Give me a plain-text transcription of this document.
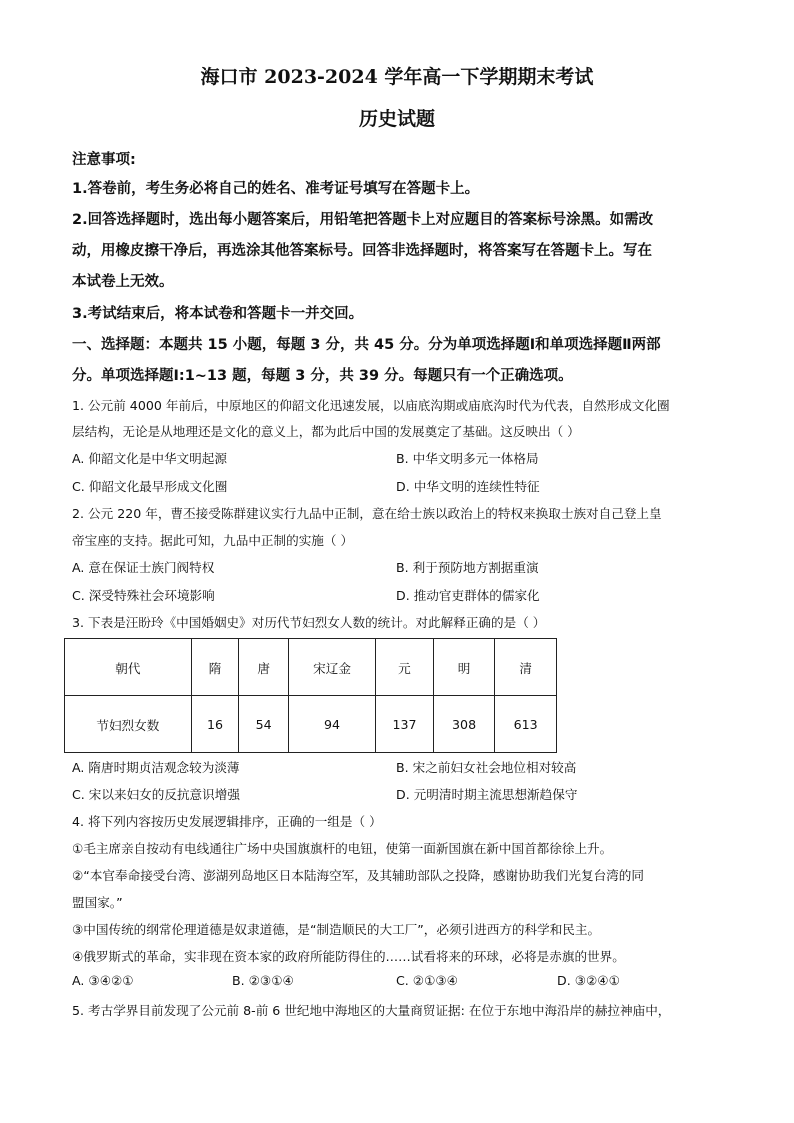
海口市 2023-2024 学年高一下学期期末考试
历史试题
注意事项:
1.答卷前，考生务必将自己的姓名、准考证号填写在答题卡上。
2.回答选择题时，选出每小题答案后，用铅笔把答题卡上对应题目的答案标号涂黑。如需改
动，用橡皮擦干净后，再选涂其他答案标号。回答非选择题时，将答案写在答题卡上。写在
本试卷上无效。
3.考试结束后，将本试卷和答题卡一并交回。
一、选择题：本题共 15 小题，每题 3 分，共 45 分。分为单项选择题Ⅰ和单项选择题Ⅱ两部
分。单项选择题Ⅰ:1~13 题，每题 3 分，共 39 分。每题只有一个正确选项。
1. 公元前 4000 年前后，中原地区的仰韶文化迅速发展，以庙底沟期或庙底沟时代为代表，自然形成文化圈
层结构，无论是从地理还是文化的意义上，都为此后中国的发展奠定了基础。这反映出（ ）
A. 仰韶文化是中华文明起源	B. 中华文明多元一体格局
C. 仰韶文化最早形成文化圈	D. 中华文明的连续性特征
2. 公元 220 年，曹丕接受陈群建议实行九品中正制，意在给士族以政治上的特权来换取士族对自己登上皇
帝宝座的支持。据此可知，九品中正制的实施（ ）
A. 意在保证士族门阀特权	B. 利于预防地方割据重演
C. 深受特殊社会环境影响	D. 推动官吏群体的儒家化
3. 下表是汪盼玲《中国婚姻史》对历代节妇烈女人数的统计。对此解释正确的是（ ）
朝代	隋	唐	宋辽金	元	明	清
节妇烈女数	16	54	94	137	308	613
A. 隋唐时期贞洁观念较为淡薄	B. 宋之前妇女社会地位相对较高
C. 宋以来妇女的反抗意识增强	D. 元明清时期主流思想渐趋保守
4. 将下列内容按历史发展逻辑排序，正确的一组是（ ）
①毛主席亲自按动有电线通往广场中央国旗旗杆的电钮，使第一面新国旗在新中国首都徐徐上升。
②“本官奉命接受台湾、澎湖列岛地区日本陆海空军，及其辅助部队之投降，感谢协助我们光复台湾的同
盟国家。”
③中国传统的纲常伦理道德是奴隶道德，是“制造顺民的大工厂”，必须引进西方的科学和民主。
④俄罗斯式的革命，实非现在资本家的政府所能防得住的……试看将来的环球，必将是赤旗的世界。
A. ③④②①	B. ②③①④	C. ②①③④	D. ③②④①
5. 考古学界目前发现了公元前 8-前 6 世纪地中海地区的大量商贸证据: 在位于东地中海沿岸的赫拉神庙中，
